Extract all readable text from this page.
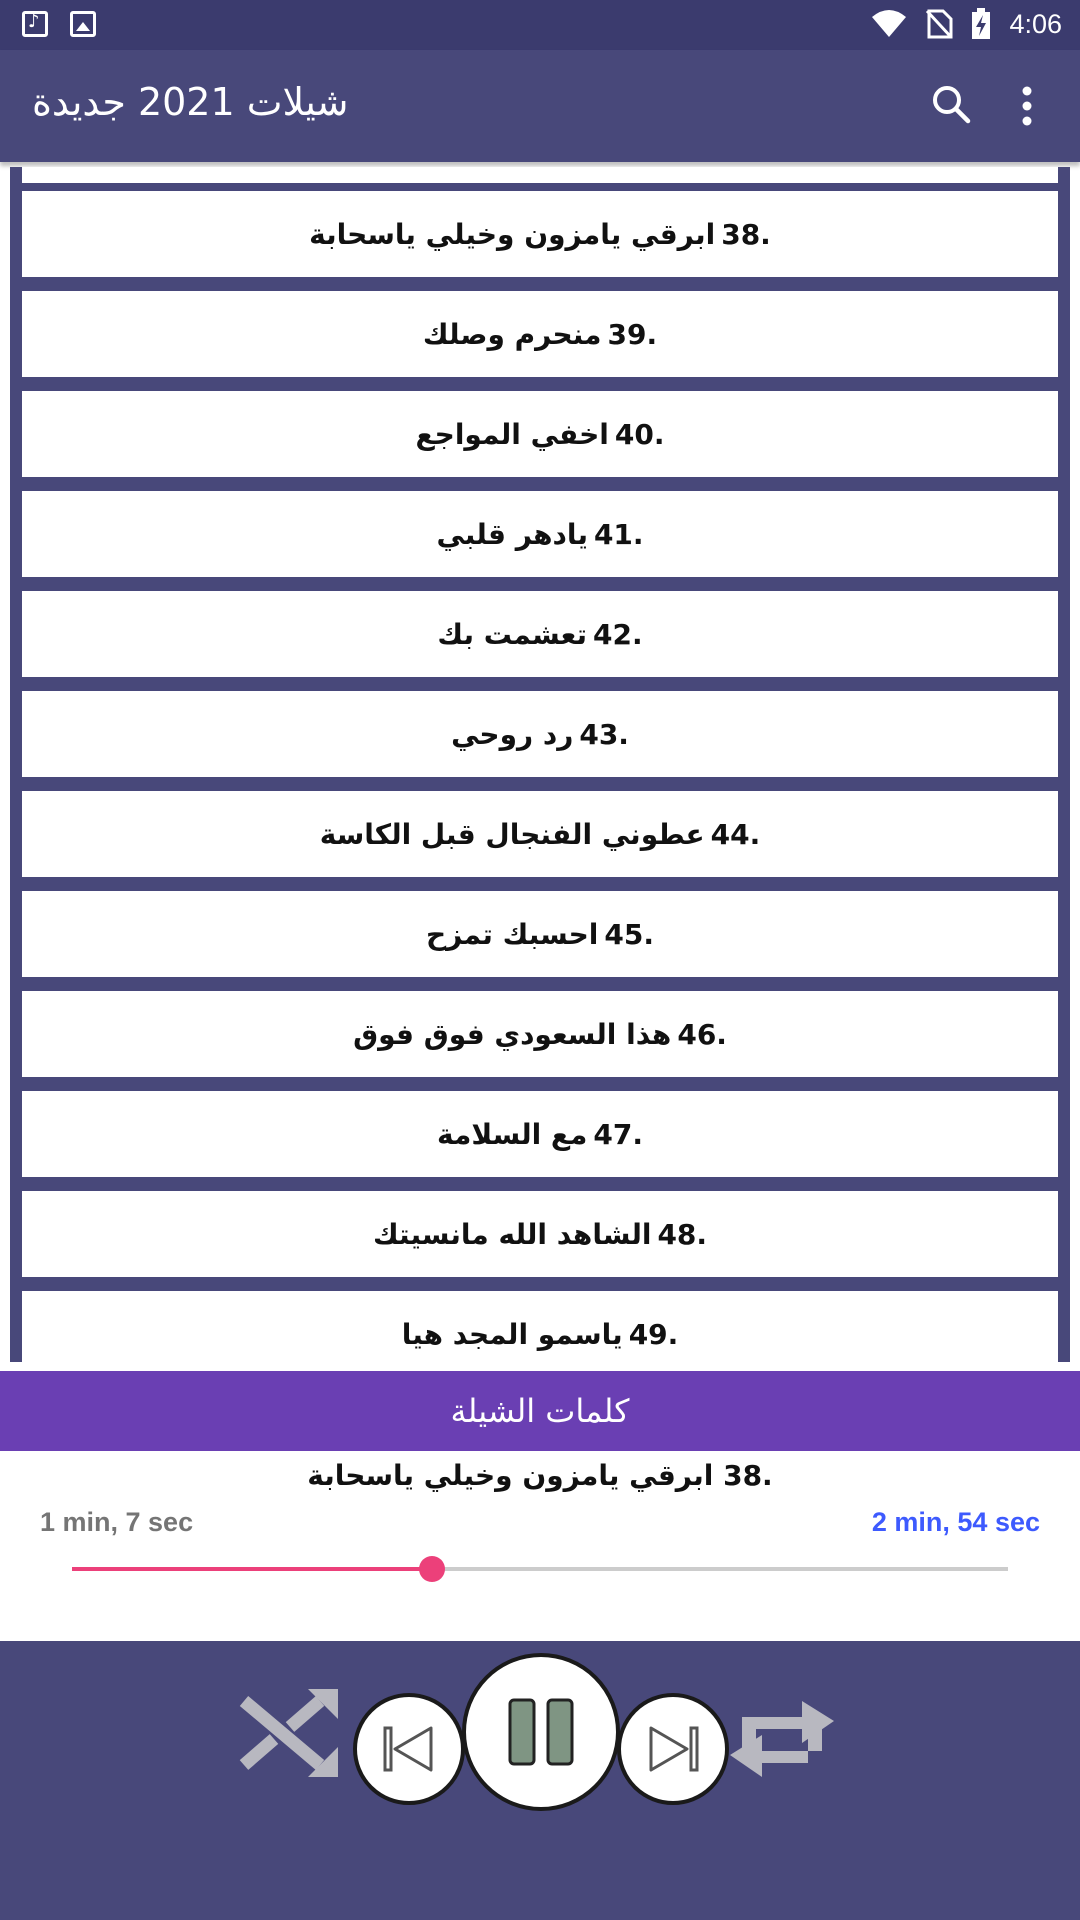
♪
4:06
شيلات 2021 جديدة
38.
ابرقي يامزون وخيلي ياسحابة
39.
منحرم وصلك
40.
اخفي المواجع
41.
يادهر قلبي
42.
تعشمت بك
43.
رد روحي
44.
عطوني الفنجال قبل الكاسة
45.
احسبك تمزح
46.
هذا السعودي فوق فوق
47.
مع السلامة
48.
الشاهد الله مانسيتك
49.
ياسمو المجد هيا
كلمات الشيلة
38. ابرقي يامزون وخيلي ياسحابة
1 min, 7 sec	2 min, 54 sec
